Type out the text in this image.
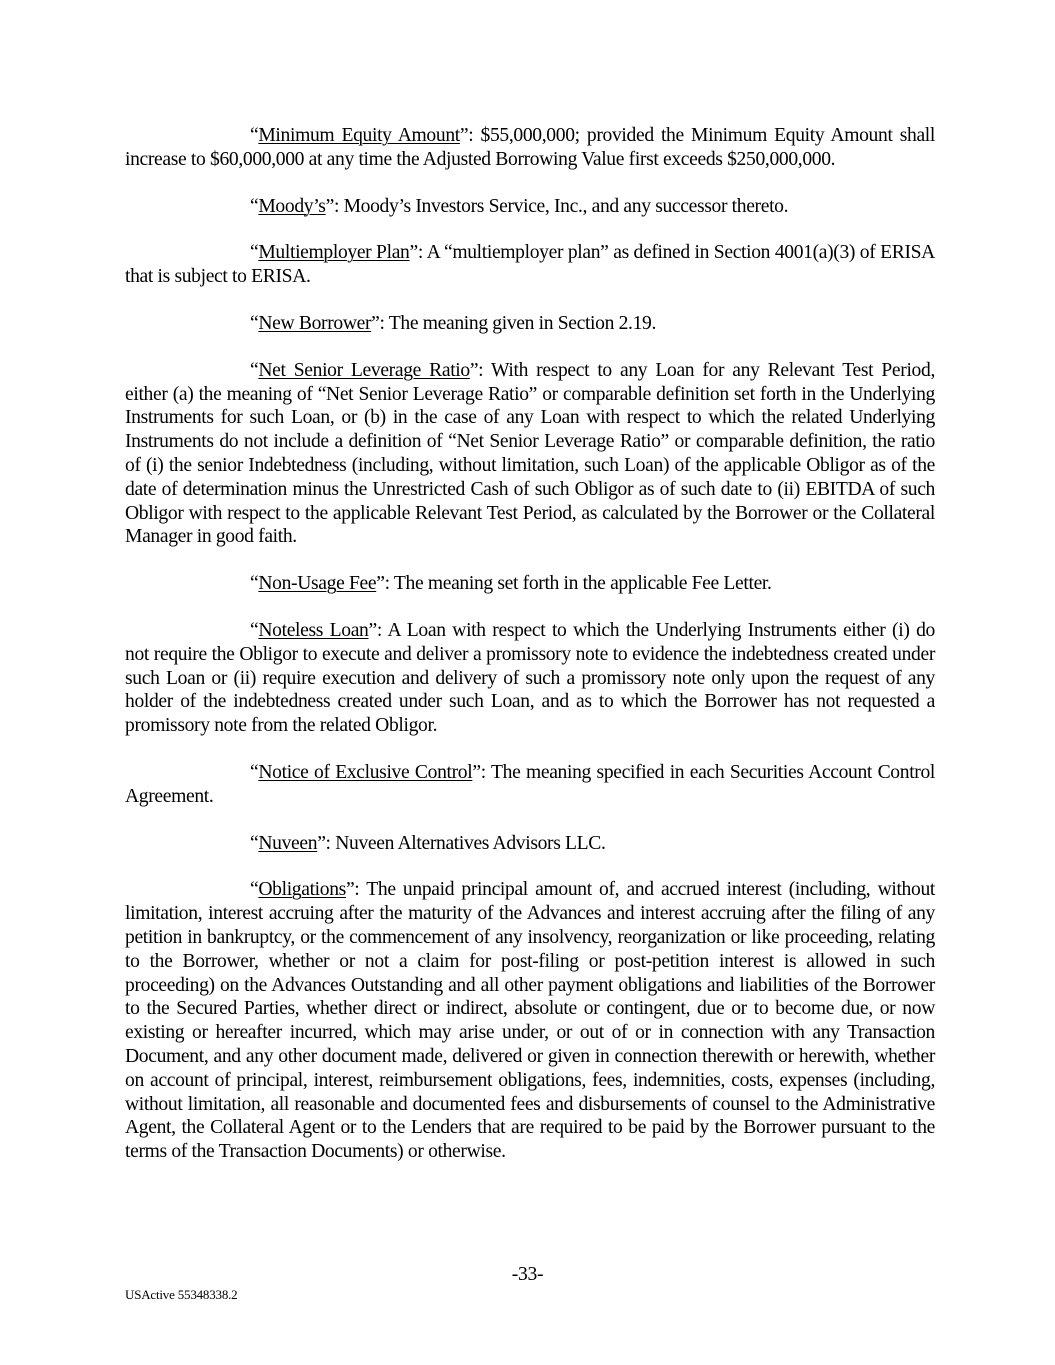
“Minimum Equity Amount”: $55,000,000; provided the Minimum Equity Amount shall increase to $60,000,000 at any time the Adjusted Borrowing Value first exceeds $250,000,000.

“Moody’s”: Moody’s Investors Service, Inc., and any successor thereto.

“Multiemployer Plan”: A “multiemployer plan” as defined in Section 4001(a)(3) of ERISA that is subject to ERISA.

“New Borrower”: The meaning given in Section 2.19.

“Net Senior Leverage Ratio”: With respect to any Loan for any Relevant Test Period, either (a) the meaning of “Net Senior Leverage Ratio” or comparable definition set forth in the Underlying Instruments for such Loan, or (b) in the case of any Loan with respect to which the related Underlying Instruments do not include a definition of “Net Senior Leverage Ratio” or comparable definition, the ratio of (i) the senior Indebtedness (including, without limitation, such Loan) of the applicable Obligor as of the date of determination minus the Unrestricted Cash of such Obligor as of such date to (ii) EBITDA of such Obligor with respect to the applicable Relevant Test Period, as calculated by the Borrower or the Collateral Manager in good faith.

“Non-Usage Fee”: The meaning set forth in the applicable Fee Letter.

“Noteless Loan”: A Loan with respect to which the Underlying Instruments either (i) do not require the Obligor to execute and deliver a promissory note to evidence the indebtedness created under such Loan or (ii) require execution and delivery of such a promissory note only upon the request of any holder of the indebtedness created under such Loan, and as to which the Borrower has not requested a promissory note from the related Obligor.

“Notice of Exclusive Control”: The meaning specified in each Securities Account Control Agreement.

“Nuveen”: Nuveen Alternatives Advisors LLC.

“Obligations”: The unpaid principal amount of, and accrued interest (including, without limitation, interest accruing after the maturity of the Advances and interest accruing after the filing of any petition in bankruptcy, or the commencement of any insolvency, reorganization or like proceeding, relating to the Borrower, whether or not a claim for post-filing or post-petition interest is allowed in such proceeding) on the Advances Outstanding and all other payment obligations and liabilities of the Borrower to the Secured Parties, whether direct or indirect, absolute or contingent, due or to become due, or now existing or hereafter incurred, which may arise under, or out of or in connection with any Transaction Document, and any other document made, delivered or given in connection therewith or herewith, whether on account of principal, interest, reimbursement obligations, fees, indemnities, costs, expenses (including, without limitation, all reasonable and documented fees and disbursements of counsel to the Administrative Agent, the Collateral Agent or to the Lenders that are required to be paid by the Borrower pursuant to the terms of the Transaction Documents) or otherwise.

-33-
USActive 55348338.2
